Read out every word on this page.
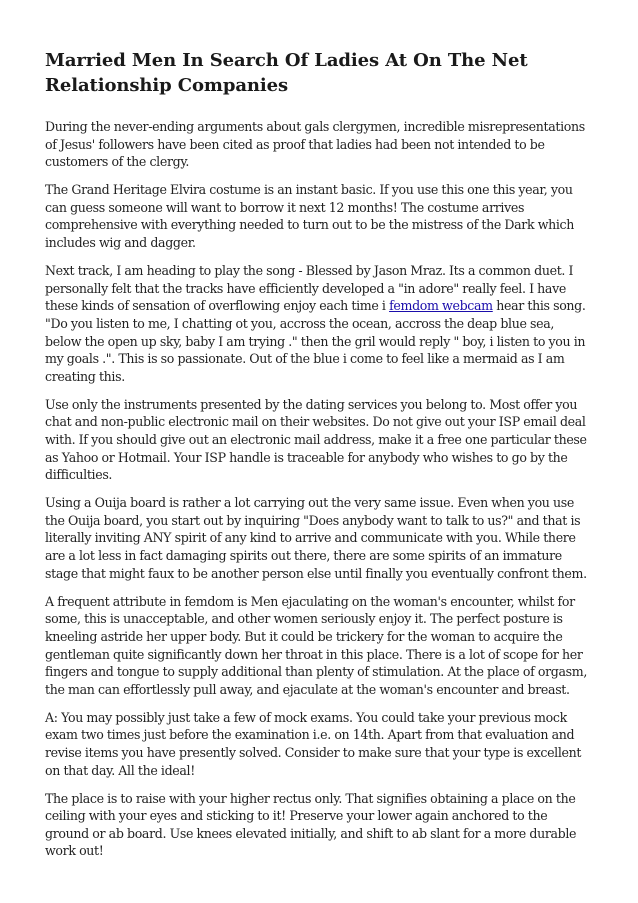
Married Men In Search Of Ladies At On The Net Relationship Companies

During the never-ending arguments about gals clergymen, incredible misrepresentations of Jesus' followers have been cited as proof that ladies had been not intended to be customers of the clergy.

The Grand Heritage Elvira costume is an instant basic. If you use this one this year, you can guess someone will want to borrow it next 12 months! The costume arrives comprehensive with everything needed to turn out to be the mistress of the Dark which includes wig and dagger.

Next track, I am heading to play the song - Blessed by Jason Mraz. Its a common duet. I personally felt that the tracks have efficiently developed a "in adore" really feel. I have these kinds of sensation of overflowing enjoy each time i femdom webcam hear this song. "Do you listen to me, I chatting ot you, accross the ocean, accross the deap blue sea, below the open up sky, baby I am trying ." then the gril would reply " boy, i listen to you in my goals .". This is so passionate. Out of the blue i come to feel like a mermaid as I am creating this.

Use only the instruments presented by the dating services you belong to. Most offer you chat and non-public electronic mail on their websites. Do not give out your ISP email deal with. If you should give out an electronic mail address, make it a free one particular these as Yahoo or Hotmail. Your ISP handle is traceable for anybody who wishes to go by the difficulties.

Using a Ouija board is rather a lot carrying out the very same issue. Even when you use the Ouija board, you start out by inquiring "Does anybody want to talk to us?" and that is literally inviting ANY spirit of any kind to arrive and communicate with you. While there are a lot less in fact damaging spirits out there, there are some spirits of an immature stage that might faux to be another person else until finally you eventually confront them.

A frequent attribute in femdom is Men ejaculating on the woman's encounter, whilst for some, this is unacceptable, and other women seriously enjoy it. The perfect posture is kneeling astride her upper body. But it could be trickery for the woman to acquire the gentleman quite significantly down her throat in this place. There is a lot of scope for her fingers and tongue to supply additional than plenty of stimulation. At the place of orgasm, the man can effortlessly pull away, and ejaculate at the woman's encounter and breast.

A: You may possibly just take a few of mock exams. You could take your previous mock exam two times just before the examination i.e. on 14th. Apart from that evaluation and revise items you have presently solved. Consider to make sure that your type is excellent on that day. All the ideal!

The place is to raise with your higher rectus only. That signifies obtaining a place on the ceiling with your eyes and sticking to it! Preserve your lower again anchored to the ground or ab board. Use knees elevated initially, and shift to ab slant for a more durable work out!
